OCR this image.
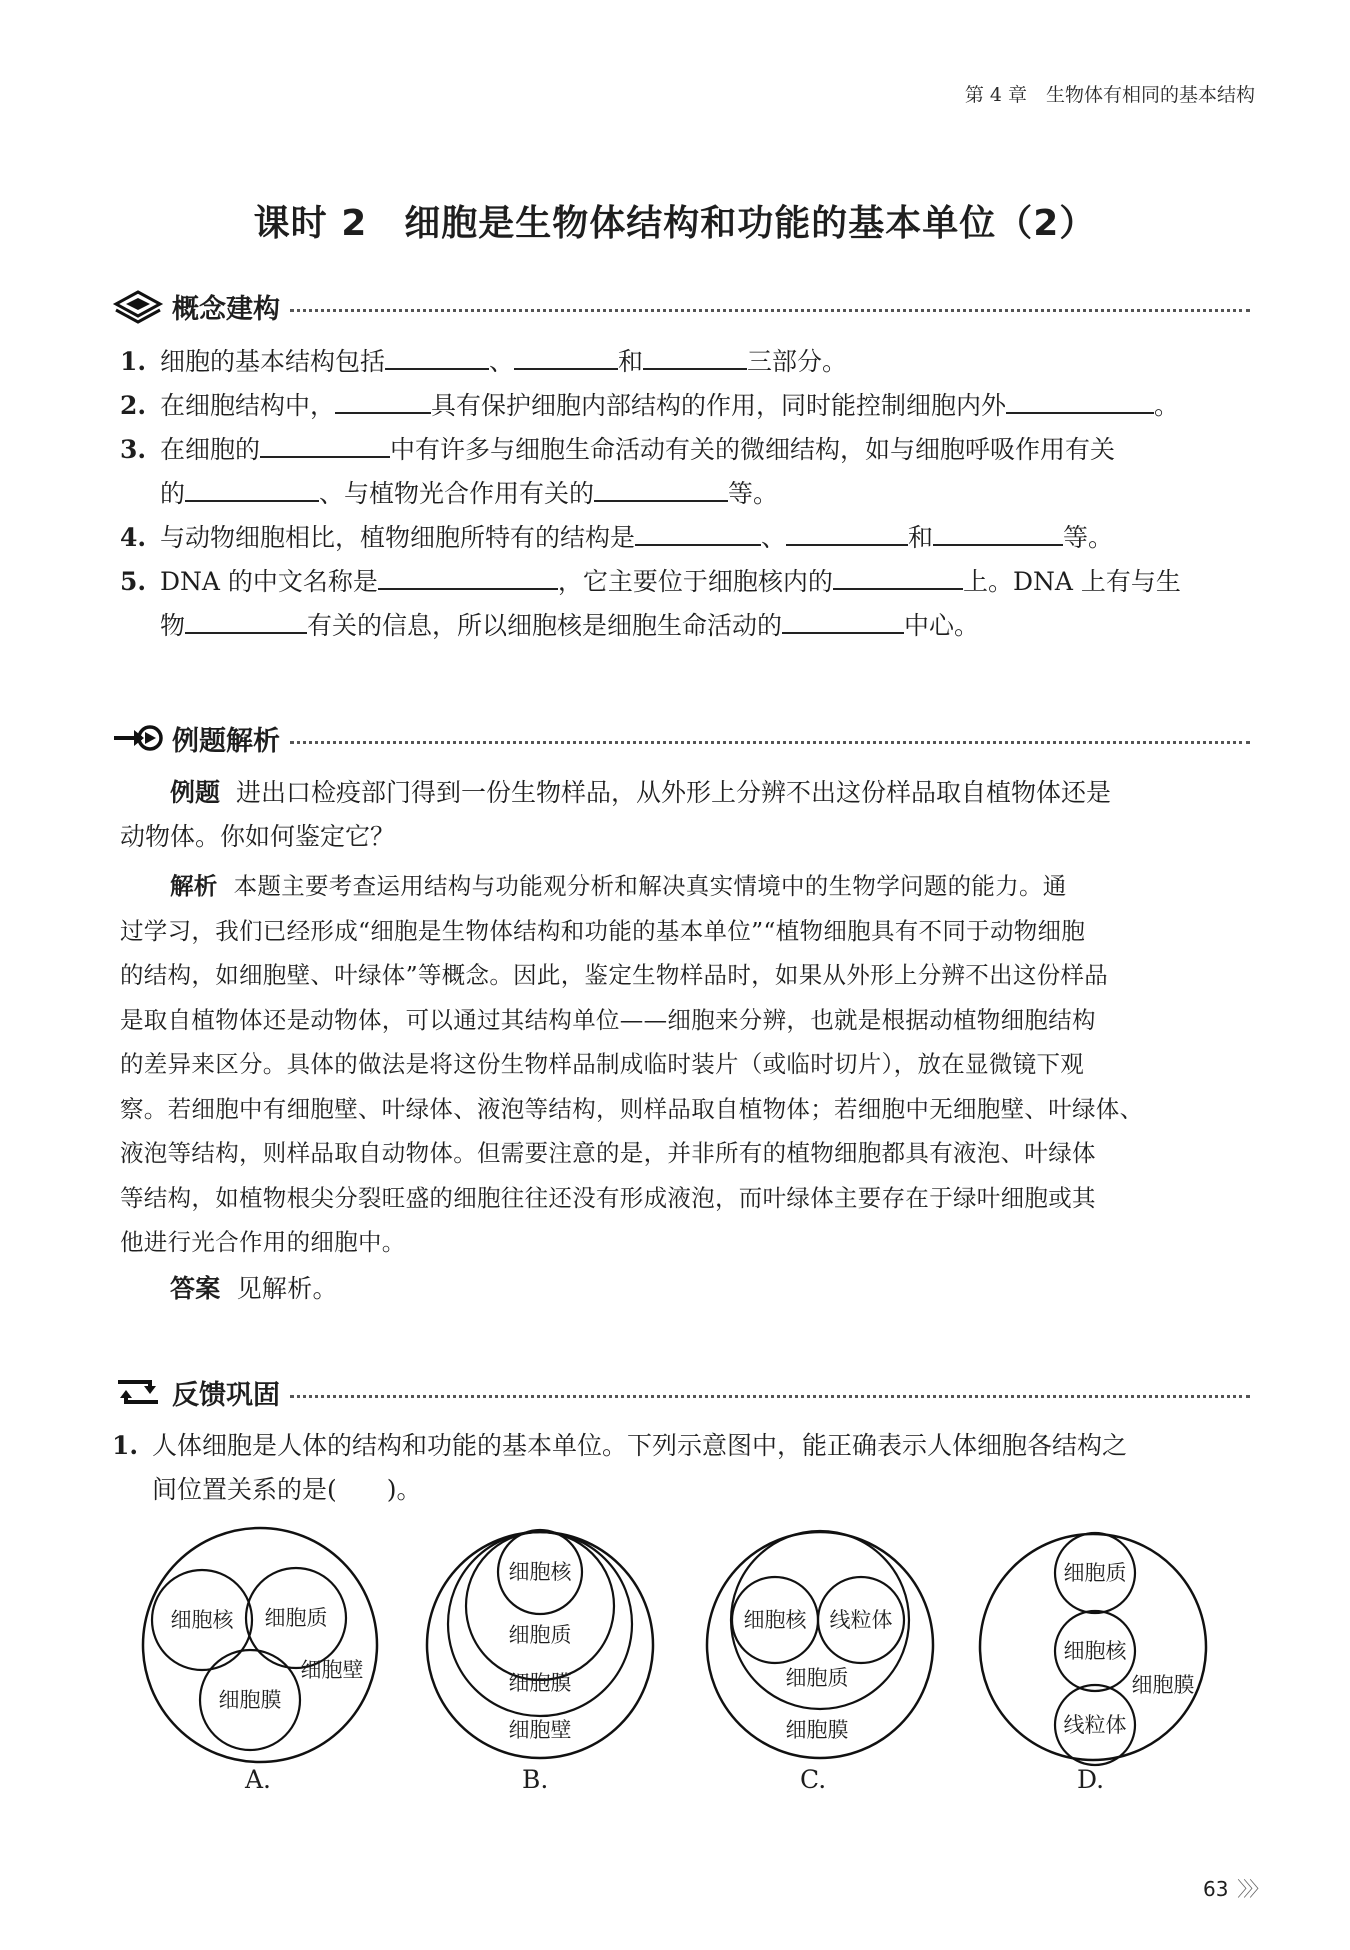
第 4 章　生物体有相同的基本结构
课时 2　细胞是生物体结构和功能的基本单位（2）
概念建构
1. 细胞的基本结构包括	、	和	三部分。
2. 在细胞结构中，	具有保护细胞内部结构的作用，同时能控制细胞内外	。
3. 在细胞的	中有许多与细胞生命活动有关的微细结构，如与细胞呼吸作用有关
的	、与植物光合作用有关的	等。
4. 与动物细胞相比，植物细胞所特有的结构是	、	和	等。
5. DNA 的中文名称是	，它主要位于细胞核内的	上。DNA 上有与生
物	有关的信息，所以细胞核是细胞生命活动的	中心。
例题解析
例题 进出口检疫部门得到一份生物样品，从外形上分辨不出这份样品取自植物体还是
动物体。你如何鉴定它？
解析 本题主要考查运用结构与功能观分析和解决真实情境中的生物学问题的能力。通
过学习，我们已经形成“细胞是生物体结构和功能的基本单位”“植物细胞具有不同于动物细胞
的结构，如细胞壁、叶绿体”等概念。因此，鉴定生物样品时，如果从外形上分辨不出这份样品
是取自植物体还是动物体，可以通过其结构单位——细胞来分辨，也就是根据动植物细胞结构
的差异来区分。具体的做法是将这份生物样品制成临时装片（或临时切片），放在显微镜下观
察。若细胞中有细胞壁、叶绿体、液泡等结构，则样品取自植物体；若细胞中无细胞壁、叶绿体、
液泡等结构，则样品取自动物体。但需要注意的是，并非所有的植物细胞都具有液泡、叶绿体
等结构，如植物根尖分裂旺盛的细胞往往还没有形成液泡，而叶绿体主要存在于绿叶细胞或其
他进行光合作用的细胞中。
答案 见解析。
反馈巩固
1. 人体细胞是人体的结构和功能的基本单位。下列示意图中，能正确表示人体细胞各结构之
间位置关系的是(　　)。
细胞核 细胞质
细胞膜
细胞壁
细胞核
细胞质
细胞膜
细胞壁
细胞核 线粒体
细胞质
细胞膜
细胞质
细胞核
细胞膜
线粒体
A.	B.	C.	D.
63  〉〉〉
